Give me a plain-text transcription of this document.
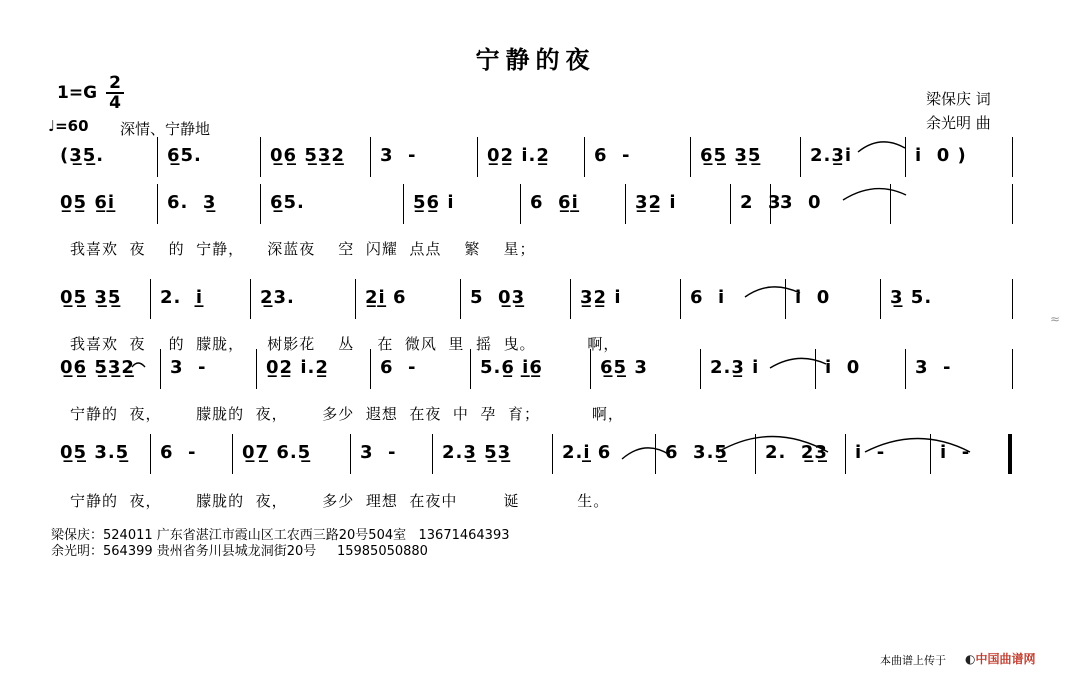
宁静的夜
1=G 2
4
♩=60 深情、宁静地
梁保庆 词
余光明 曲
(3̲5̲.	6̲5.	0̲6̲ 5̲3̲2̲ 3  -	0̲2̲ i.2̲ 6  -	6̲5̲ 3̲5̲	2.3̲i	i  0 )
0̲5̲ 6̲i̲	6.  3̲	6̲5.	5̲6̲ i	6  6̲i̲	3̲2̲ i	2  3
3  0
我喜欢  夜    的  宁静，    深蓝夜    空  闪耀  点点    繁    星；
0̲5̲ 3̲5̲ 2.  i̲	2̲3.	2̲i̲ 6	5  0̲3̲	3̲2̲ i	6  i	i  0	3̲ 5.
我喜欢  夜    的  朦胧，    树影花    丛    在  微风  里  摇  曳。         啊，
0̲6̲ 5̲3̲2̲ 3  -	0̲2̲ i.2̲	6  -	5.6̲ i̲6̲	6̲5̲ 3	2.3̲ i	i  0	3  -
宁静的  夜，      朦胧的  夜，      多少  遐想  在夜  中  孕  育；         啊，
0̲5̲ 3.5̲ 6  -	0̲7̲ 6.5̲	3  -	2.3̲ 5̲3̲	2.i̲ 6	6  3.5̲ 2.  2̲3̲ i  -	i  -
宁静的  夜，      朦胧的  夜，      多少  理想  在夜中        诞          生。
梁保庆：524011 广东省湛江市霞山区工农西三路20号504室   13671464393
余光明：564399 贵州省务川县城龙洞街20号     15985050880
本曲谱上传于 ◐中国曲谱网
≈
